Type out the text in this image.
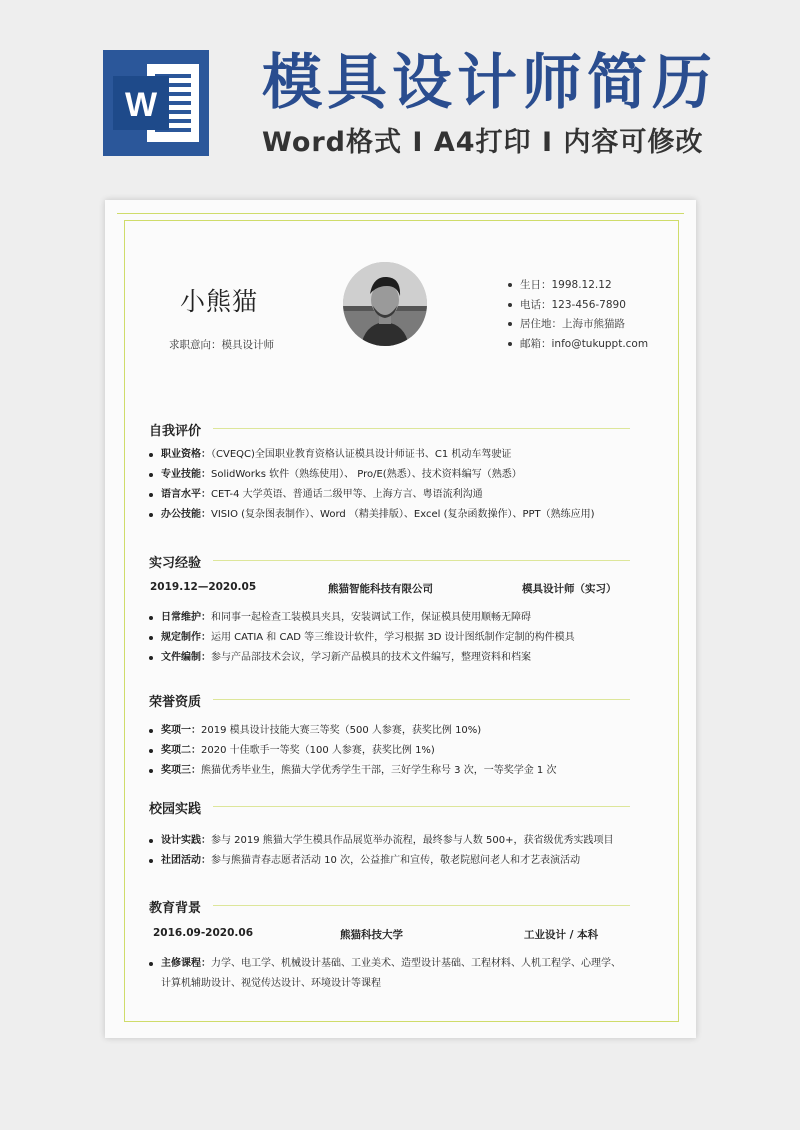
W 模具设计师简历
Word格式 I A4打印 I 内容可修改
小熊猫
求职意向：模具设计师
生日：1998.12.12
电话：123-456-7890
居住地：上海市熊猫路
邮箱：info@tukuppt.com
自我评价
职业资格：（CVEQC)全国职业教育资格认证模具设计师证书、C1 机动车驾驶证
专业技能：SolidWorks 软件（熟练使用）、 Pro/E(熟悉）、技术资料编写（熟悉）
语言水平：CET-4 大学英语、普通话二级甲等、上海方言、粤语流利沟通
办公技能：VISIO (复杂图表制作）、Word （精美排版）、Excel (复杂函数操作）、PPT（熟练应用)
实习经验
2019.12—2020.05	熊猫智能科技有限公司	模具设计师（实习）
日常维护：和同事一起检查工装模具夹具，安装调试工作，保证模具使用顺畅无障碍
规定制作：运用 CATIA 和 CAD 等三维设计软件，学习根据 3D 设计图纸制作定制的构件模具
文件编制：参与产品部技术会议，学习新产品模具的技术文件编写，整理资料和档案
荣誉资质
奖项一：2019 模具设计技能大赛三等奖（500 人参赛，获奖比例 10%)
奖项二：2020 十佳歌手一等奖（100 人参赛，获奖比例 1%)
奖项三：熊猫优秀毕业生，熊猫大学优秀学生干部，三好学生称号 3 次，一等奖学金 1 次
校园实践
设计实践：参与 2019 熊猫大学生模具作品展览举办流程，最终参与人数 500+，获省级优秀实践项目
社团活动：参与熊猫青春志愿者活动 10 次，公益推广和宣传，敬老院慰问老人和才艺表演活动
教育背景
2016.09-2020.06	熊猫科技大学	工业设计 / 本科
主修课程：力学、电工学、机械设计基础、工业美术、造型设计基础、工程材料、人机工程学、心理学、
计算机辅助设计、视觉传达设计、环境设计等课程
